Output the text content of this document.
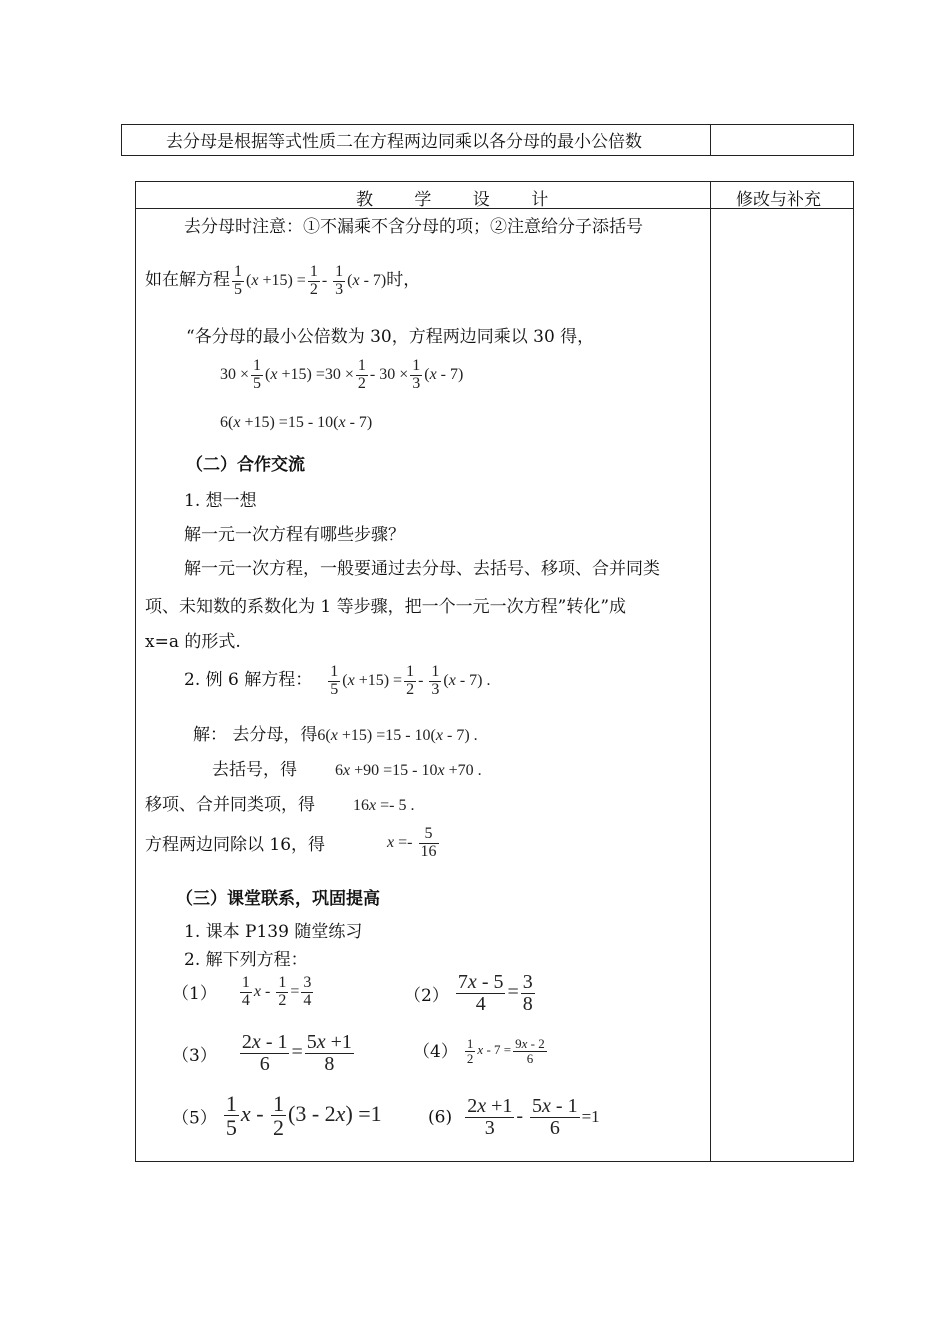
去分母是根据等式性质二在方程两边同乘以各分母的最小公倍数
教 学 设 计	修改与补充
去分母时注意：①不漏乘不含分母的项；②注意给分子添括号
如在解方程 $\frac{1}{5} (x +15) = \frac{1}{2} - \frac{1}{3} (x - 7)$时，
“各分母的最小公倍数为 30，方程两边同乘以 30 得，
$30 \times \frac{1}{5} (x +15) =30 \times \frac{1}{2} - 30 \times \frac{1}{3} (x - 7)$
6(x +15) =15 - 10(x - 7)
（二）合作交流
1. 想一想
解一元一次方程有哪些步骤？
解一元一次方程，一般要通过去分母、去括号、移项、合并同类
项、未知数的系数化为 1 等步骤，把一个一元一次方程”转化”成
x=a 的形式.
2. 例 6 解方程： $\frac{1}{5} (x +15) = \frac{1}{2} - \frac{1}{3} (x - 7)$ .
解： 去分母，得6(x +15) =15 - 10(x - 7) .
去括号，得 6x +90 =15 - 10x +70 .
移项、合并同类项，得 16x =- 5 .
方程两边同除以 16，得	$x =- \frac{5}{16}$
（三）课堂联系，巩固提高
1. 课本 P139 随堂练习
2. 解下列方程：
$(1) \frac{1}{4}$ $x - \frac{1}{2} = \frac{3}{4}$	$(2) \frac{7x - 5}{4} = \frac{3}{8}$
$(3) \frac{2x - 1}{6} = \frac{5x +1}{8}$	$(4) \frac{1}{2}$ $x - 7 = \frac{9x - 2}{6}$
$(5) \frac{1}{5}$ $x - \frac{1}{2} (3 - 2x) =1$	$(6) \frac{2x +1}{3} - \frac{5x - 1}{6} =1$
